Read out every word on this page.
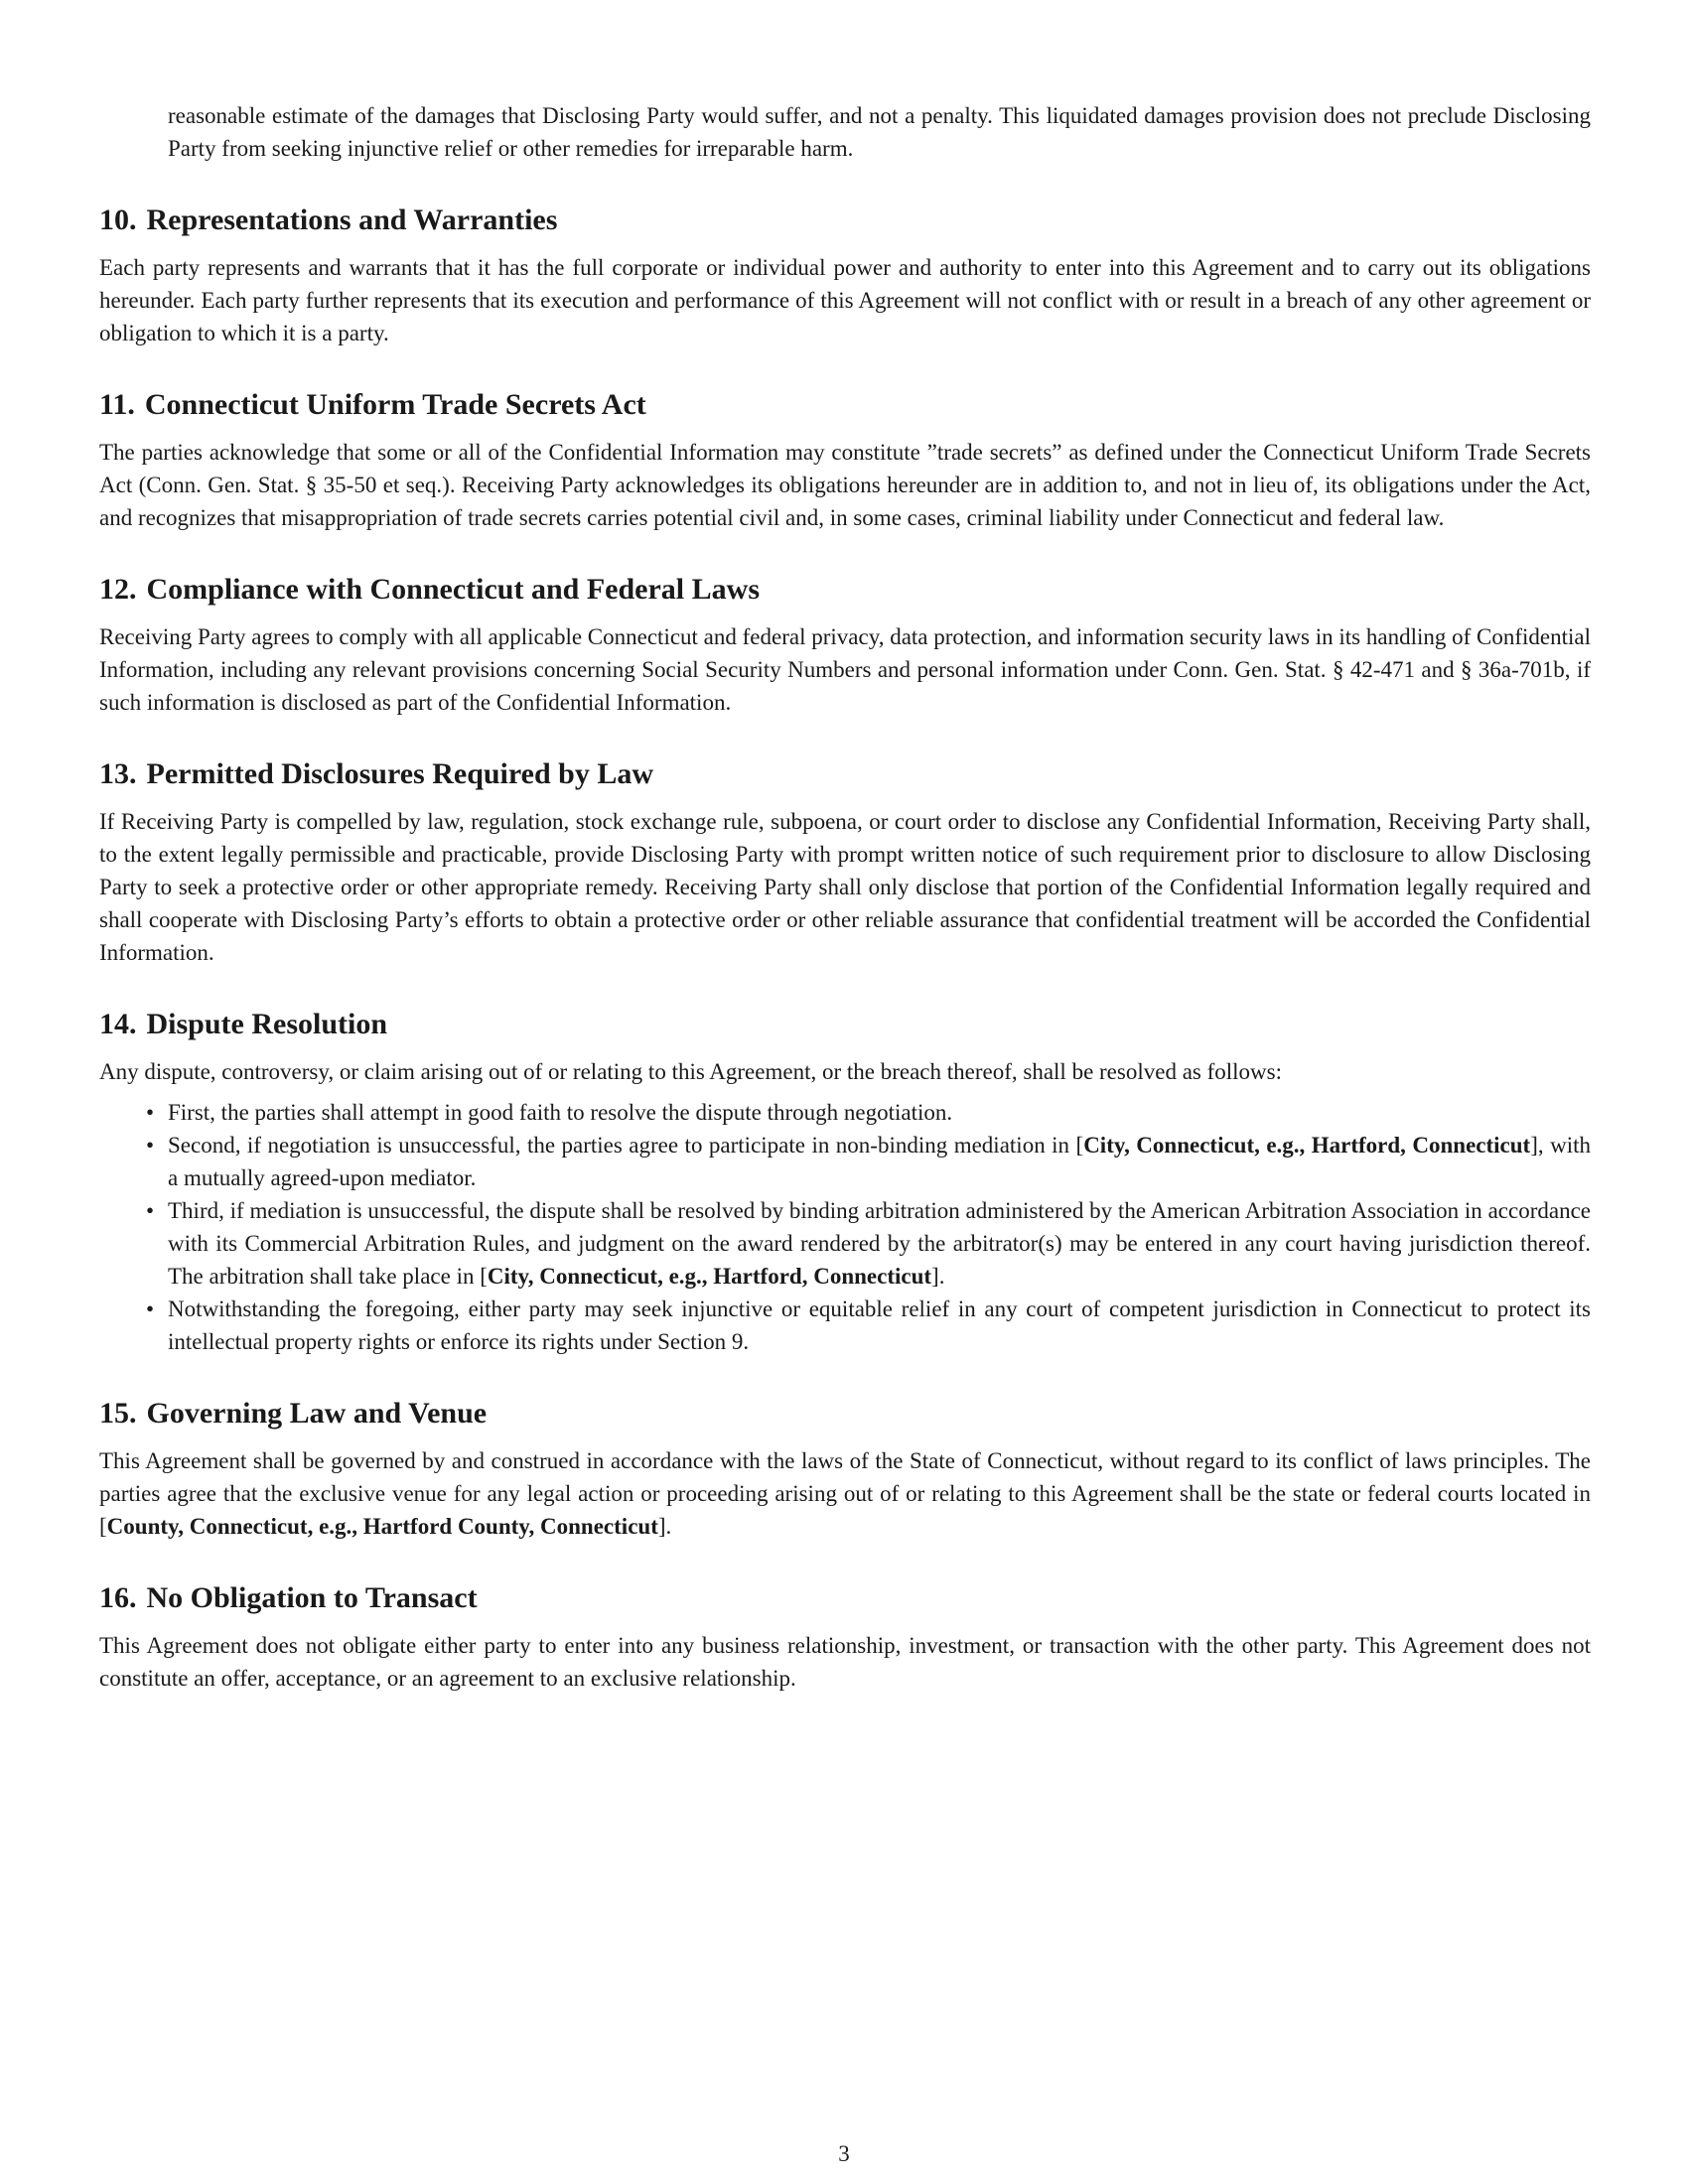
reasonable estimate of the damages that Disclosing Party would suffer, and not a penalty. This liquidated damages provision does not preclude Disclosing Party from seeking injunctive relief or other remedies for irreparable harm.

10. Representations and Warranties

Each party represents and warrants that it has the full corporate or individual power and authority to enter into this Agreement and to carry out its obligations hereunder. Each party further represents that its execution and performance of this Agreement will not conflict with or result in a breach of any other agreement or obligation to which it is a party.

11. Connecticut Uniform Trade Secrets Act

The parties acknowledge that some or all of the Confidential Information may constitute ”trade secrets” as defined under the Connecticut Uniform Trade Secrets Act (Conn. Gen. Stat. § 35-50 et seq.). Receiving Party acknowledges its obligations hereunder are in addition to, and not in lieu of, its obligations under the Act, and recognizes that misappropriation of trade secrets carries potential civil and, in some cases, criminal liability under Connecticut and federal law.

12. Compliance with Connecticut and Federal Laws

Receiving Party agrees to comply with all applicable Connecticut and federal privacy, data protection, and information security laws in its handling of Confidential Information, including any relevant provisions concerning Social Security Numbers and personal information under Conn. Gen. Stat. § 42-471 and § 36a-701b, if such information is disclosed as part of the Confidential Information.

13. Permitted Disclosures Required by Law

If Receiving Party is compelled by law, regulation, stock exchange rule, subpoena, or court order to disclose any Confidential Information, Receiving Party shall, to the extent legally permissible and practicable, provide Disclosing Party with prompt written notice of such requirement prior to disclosure to allow Disclosing Party to seek a protective order or other appropriate remedy. Receiving Party shall only disclose that portion of the Confidential Information legally required and shall cooperate with Disclosing Party’s efforts to obtain a protective order or other reliable assurance that confidential treatment will be accorded the Confidential Information.

14. Dispute Resolution

Any dispute, controversy, or claim arising out of or relating to this Agreement, or the breach thereof, shall be resolved as follows:

• First, the parties shall attempt in good faith to resolve the dispute through negotiation.
• Second, if negotiation is unsuccessful, the parties agree to participate in non-binding mediation in [City, Connecticut, e.g., Hartford, Connecticut], with a mutually agreed-upon mediator.
• Third, if mediation is unsuccessful, the dispute shall be resolved by binding arbitration administered by the American Arbitration Association in accordance with its Commercial Arbitration Rules, and judgment on the award rendered by the arbitrator(s) may be entered in any court having jurisdiction thereof. The arbitration shall take place in [City, Connecticut, e.g., Hartford, Connecticut].
• Notwithstanding the foregoing, either party may seek injunctive or equitable relief in any court of competent jurisdiction in Connecticut to protect its intellectual property rights or enforce its rights under Section 9.
15. Governing Law and Venue

This Agreement shall be governed by and construed in accordance with the laws of the State of Connecticut, without regard to its conflict of laws principles. The parties agree that the exclusive venue for any legal action or proceeding arising out of or relating to this Agreement shall be the state or federal courts located in [County, Connecticut, e.g., Hartford County, Connecticut].

16. No Obligation to Transact

This Agreement does not obligate either party to enter into any business relationship, investment, or transaction with the other party. This Agreement does not constitute an offer, acceptance, or an agreement to an exclusive relationship.

3
